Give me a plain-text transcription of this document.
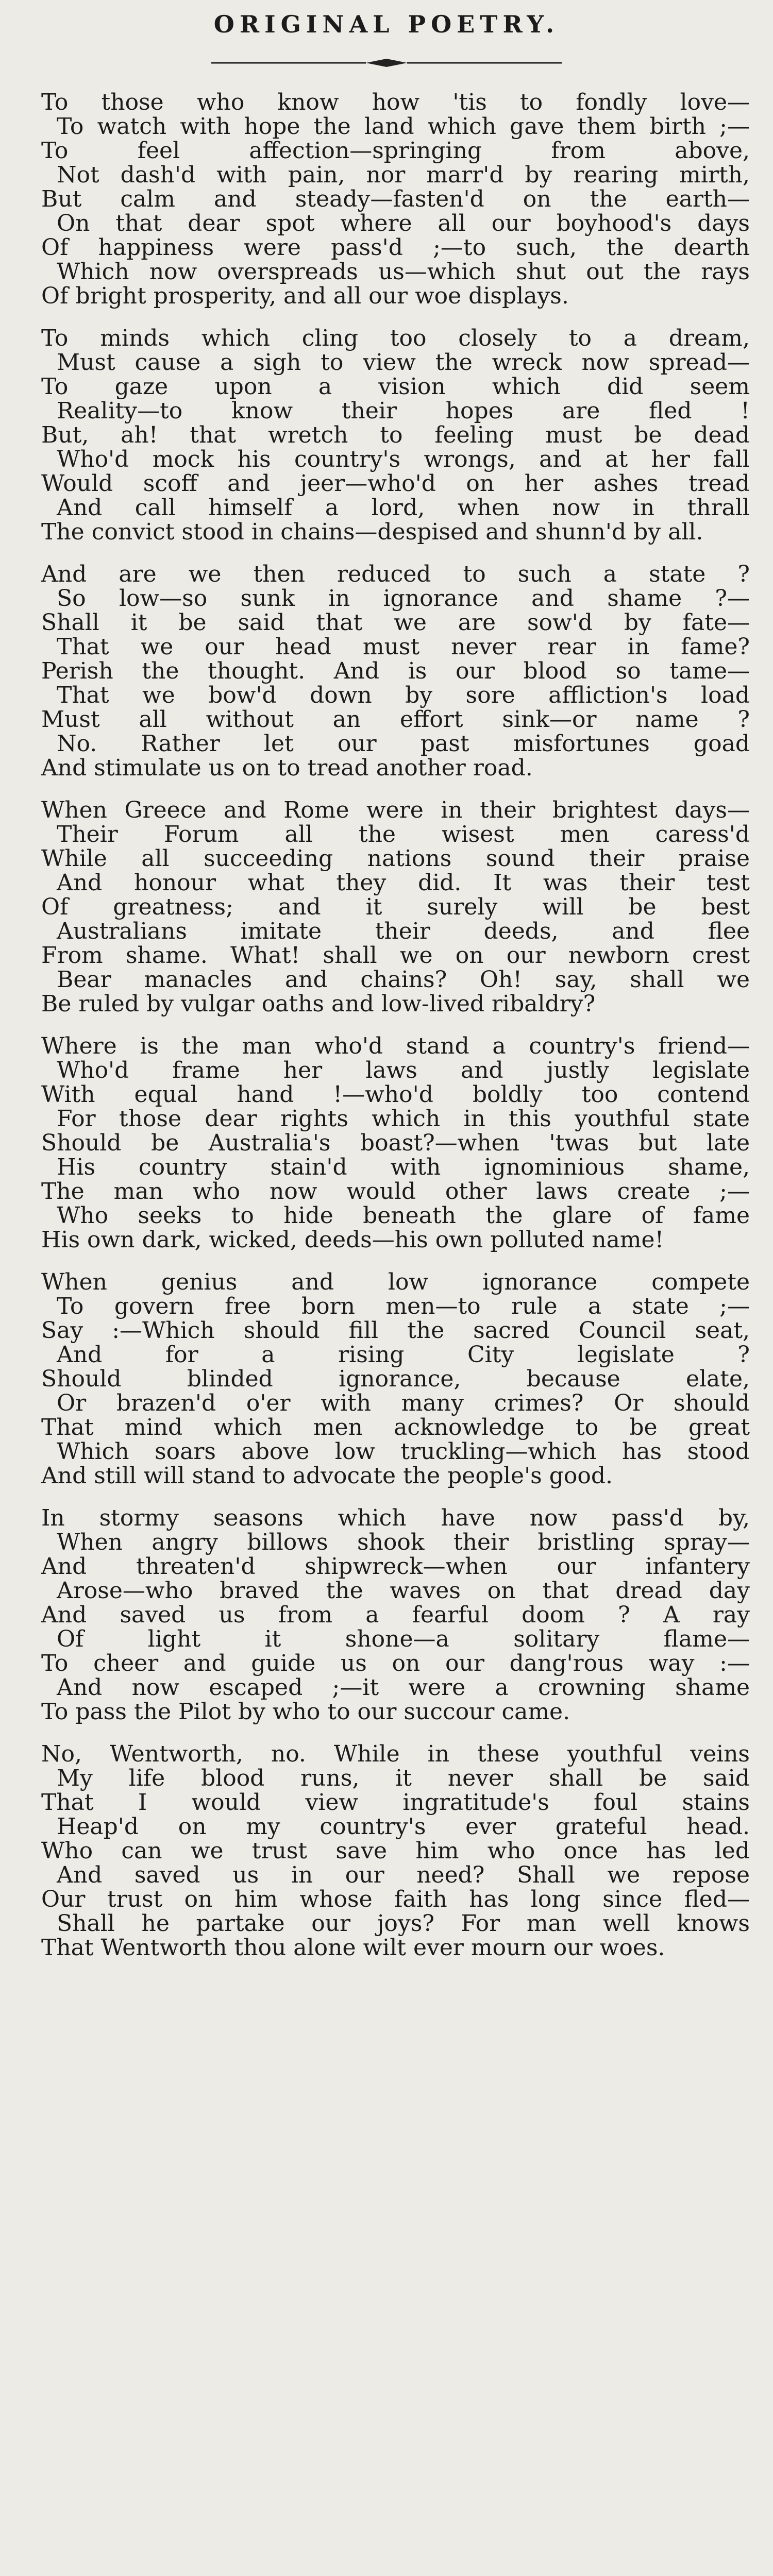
ORIGINAL POETRY.
To those who know how 'tis to fondly love—
To watch with hope the land which gave them birth ;—
To feel affection—springing from above,
Not dash'd with pain, nor marr'd by rearing mirth,
But calm and steady—fasten'd on the earth—
On that dear spot where all our boyhood's days
Of happiness were pass'd ;—to such, the dearth
Which now overspreads us—which shut out the rays
Of bright prosperity, and all our woe displays.
To minds which cling too closely to a dream,
Must cause a sigh to view the wreck now spread—
To gaze upon a vision which did seem
Reality—to know their hopes are fled !
But, ah! that wretch to feeling must be dead
Who'd mock his country's wrongs, and at her fall
Would scoff and jeer—who'd on her ashes tread
And call himself a lord, when now in thrall
The convict stood in chains—despised and shunn'd by all.
And are we then reduced to such a state ?
So low—so sunk in ignorance and shame ?—
Shall it be said that we are sow'd by fate—
That we our head must never rear in fame?
Perish the thought. And is our blood so tame—
That we bow'd down by sore affliction's load
Must all without an effort sink—or name ?
No. Rather let our past misfortunes goad
And stimulate us on to tread another road.
When Greece and Rome were in their brightest days—
Their Forum all the wisest men caress'd
While all succeeding nations sound their praise
And honour what they did. It was their test
Of greatness; and it surely will be best
Australians imitate their deeds, and flee
From shame. What! shall we on our newborn crest
Bear manacles and chains? Oh! say, shall we
Be ruled by vulgar oaths and low-lived ribaldry?
Where is the man who'd stand a country's friend—
Who'd frame her laws and justly legislate
With equal hand !—who'd boldly too contend
For those dear rights which in this youthful state
Should be Australia's boast?—when 'twas but late
His country stain'd with ignominious shame,
The man who now would other laws create ;—
Who seeks to hide beneath the glare of fame
His own dark, wicked, deeds—his own polluted name!
When genius and low ignorance compete
To govern free born men—to rule a state ;—
Say :—Which should fill the sacred Council seat,
And for a rising City legislate ?
Should blinded ignorance, because elate,
Or brazen'd o'er with many crimes? Or should
That mind which men acknowledge to be great
Which soars above low truckling—which has stood
And still will stand to advocate the people's good.
In stormy seasons which have now pass'd by,
When angry billows shook their bristling spray—
And threaten'd shipwreck—when our infantery
Arose—who braved the waves on that dread day
And saved us from a fearful doom ? A ray
Of light it shone—a solitary flame—
To cheer and guide us on our dang'rous way :—
And now escaped ;—it were a crowning shame
To pass the Pilot by who to our succour came.
No, Wentworth, no. While in these youthful veins
My life blood runs, it never shall be said
That I would view ingratitude's foul stains
Heap'd on my country's ever grateful head.
Who can we trust save him who once has led
And saved us in our need? Shall we repose
Our trust on him whose faith has long since fled—
Shall he partake our joys? For man well knows
That Wentworth thou alone wilt ever mourn our woes.
